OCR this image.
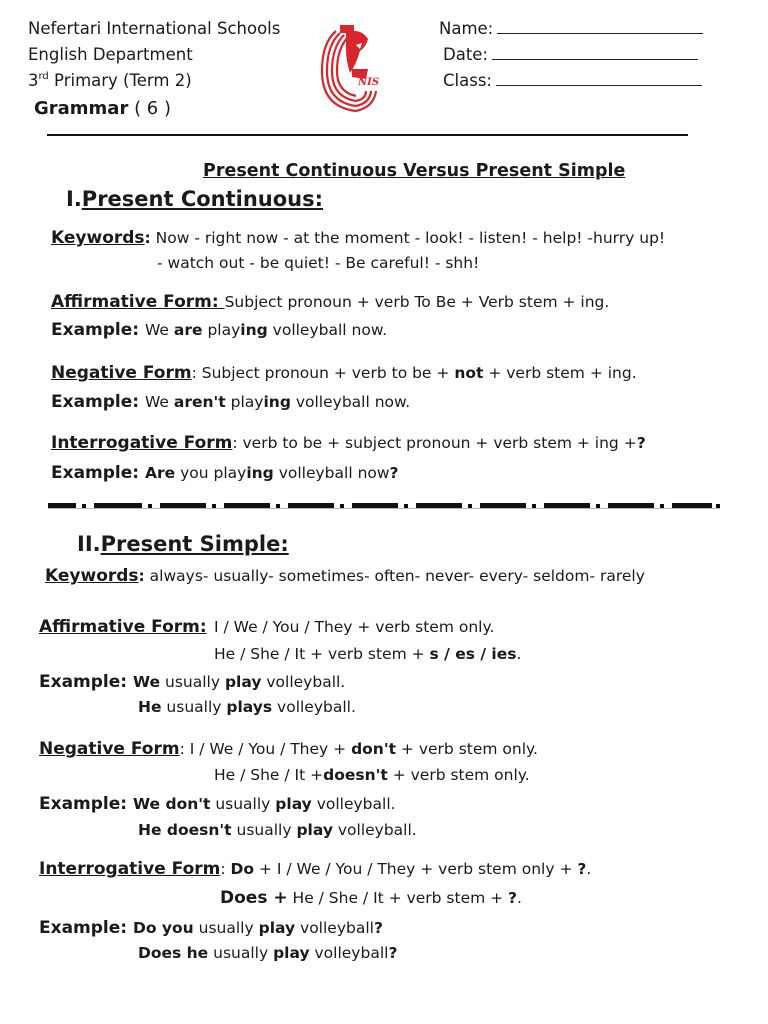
Nefertari International Schools
English Department
3rd Primary (Term 2)
Grammar ( 6 )
NIS
Name:
Date:
Class:
Present Continuous Versus Present Simple
I.Present Continuous:
Keywords: Now - right now - at the moment - look! - listen! - help! -hurry up!
- watch out - be quiet! - Be careful! - shh!
Affirmative Form: Subject pronoun + verb To Be + Verb stem + ing.
Example: We are playing volleyball now.
Negative Form: Subject pronoun + verb to be + not + verb stem + ing.
Example: We aren't playing volleyball now.
Interrogative Form: verb to be + subject pronoun + verb stem + ing +?
Example: Are you playing volleyball now?
II.Present Simple:
Keywords: always- usually- sometimes- often- never- every- seldom- rarely
Affirmative Form: I / We / You / They + verb stem only.
He / She / It + verb stem + s / es / ies.
Example: We usually play volleyball.
He usually plays volleyball.
Negative Form: I / We / You / They + don't + verb stem only.
He / She / It +doesn't + verb stem only.
Example: We don't usually play volleyball.
He doesn't usually play volleyball.
Interrogative Form: Do + I / We / You / They + verb stem only + ?.
Does + He / She / It + verb stem + ?.
Example: Do you usually play volleyball?
Does he usually play volleyball?
